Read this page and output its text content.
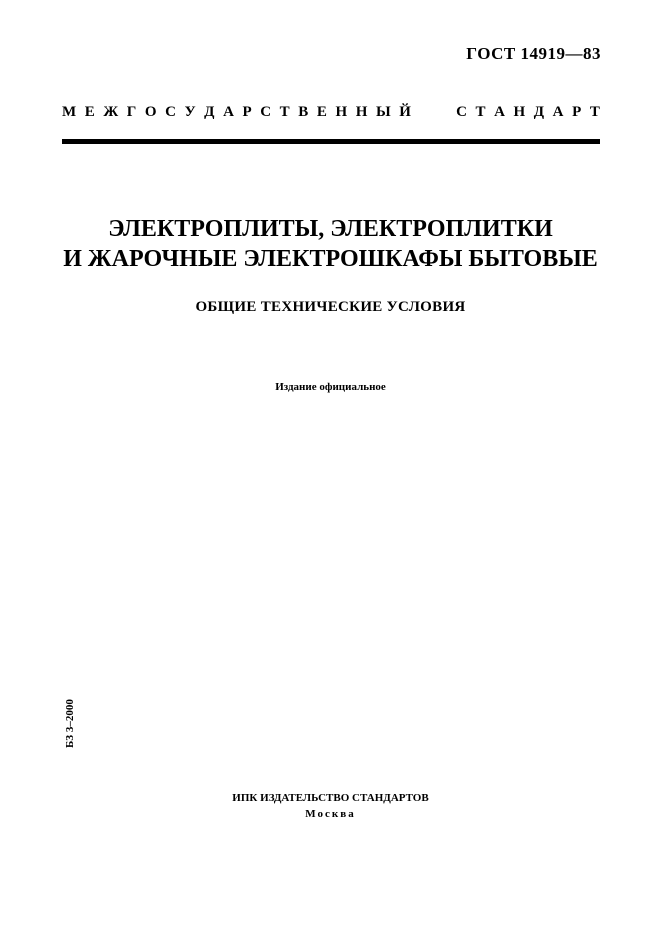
ГОСТ 14919—83
М Е Ж Г О С У Д А Р С Т В Е Н Н Ы Й	С Т А Н Д А Р Т
ЭЛЕКТРОПЛИТЫ, ЭЛЕКТРОПЛИТКИ
И ЖАРОЧНЫЕ ЭЛЕКТРОШКАФЫ БЫТОВЫЕ
ОБЩИЕ ТЕХНИЧЕСКИЕ УСЛОВИЯ
Издание официальное
БЗ 3–2000
ИПК ИЗДАТЕЛЬСТВО СТАНДАРТОВ
Москва
